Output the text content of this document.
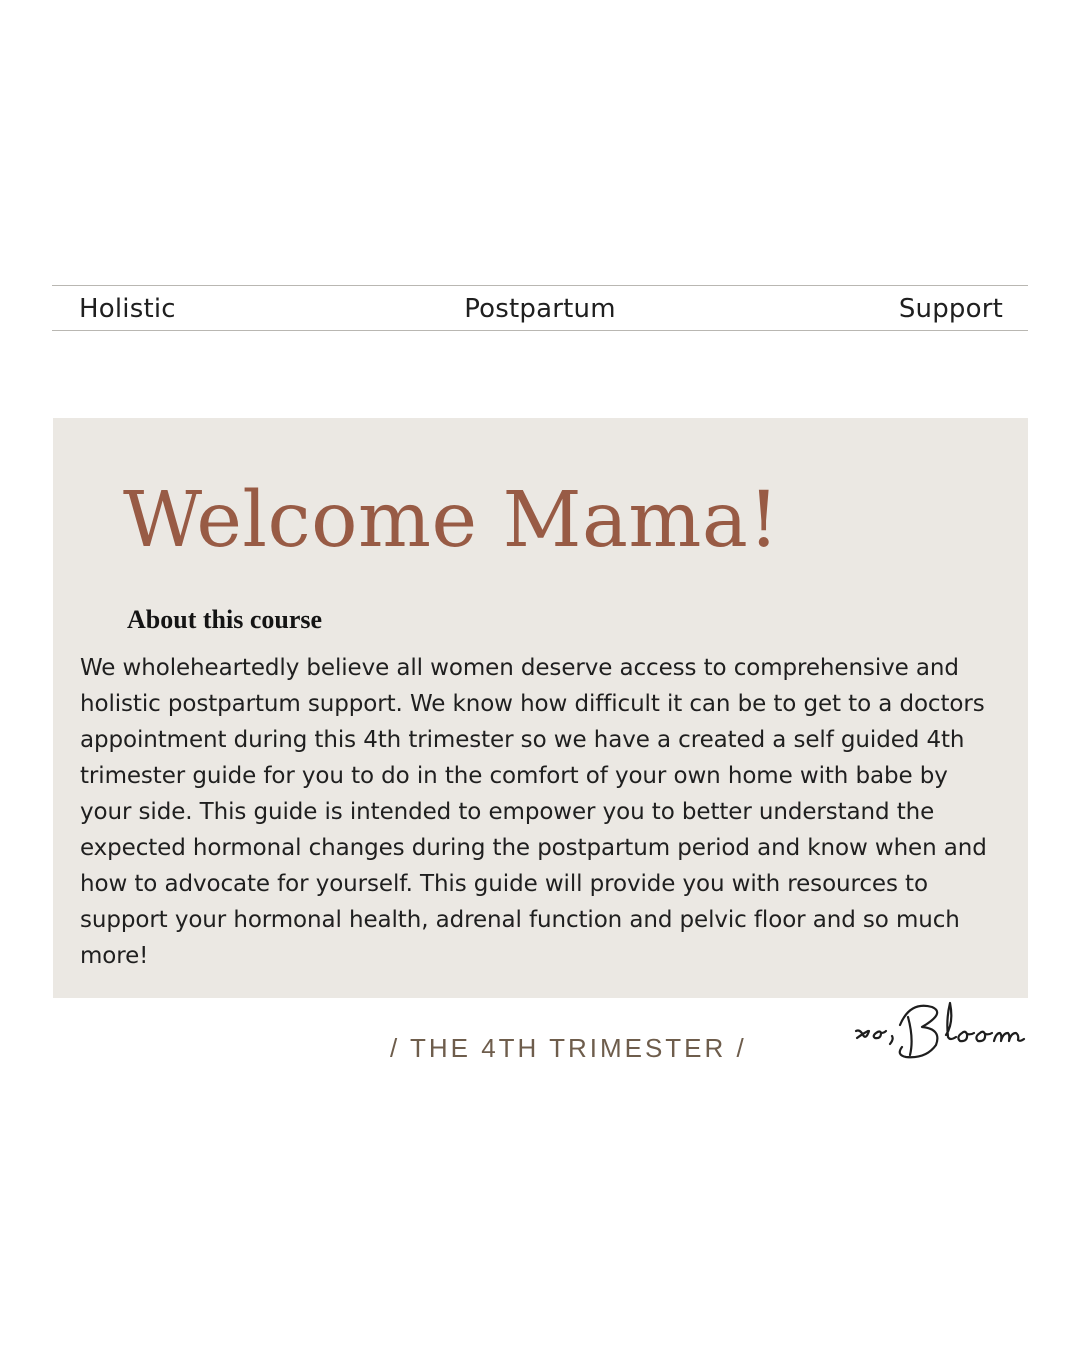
Holistic	Postpartum	Support
Welcome Mama!
About this course

We wholeheartedly believe all women deserve access to comprehensive and holistic postpartum support. We know how difficult it can be to get to a doctors appointment during this 4th trimester so we have a created a self guided 4th trimester guide for you to do in the comfort of your own home with babe by your side. This guide is intended to empower you to better understand the expected hormonal changes during the postpartum period and know when and how to advocate for yourself. This guide will provide you with resources to support your hormonal health, adrenal function and pelvic floor and so much more!

/ THE 4TH TRIMESTER /
